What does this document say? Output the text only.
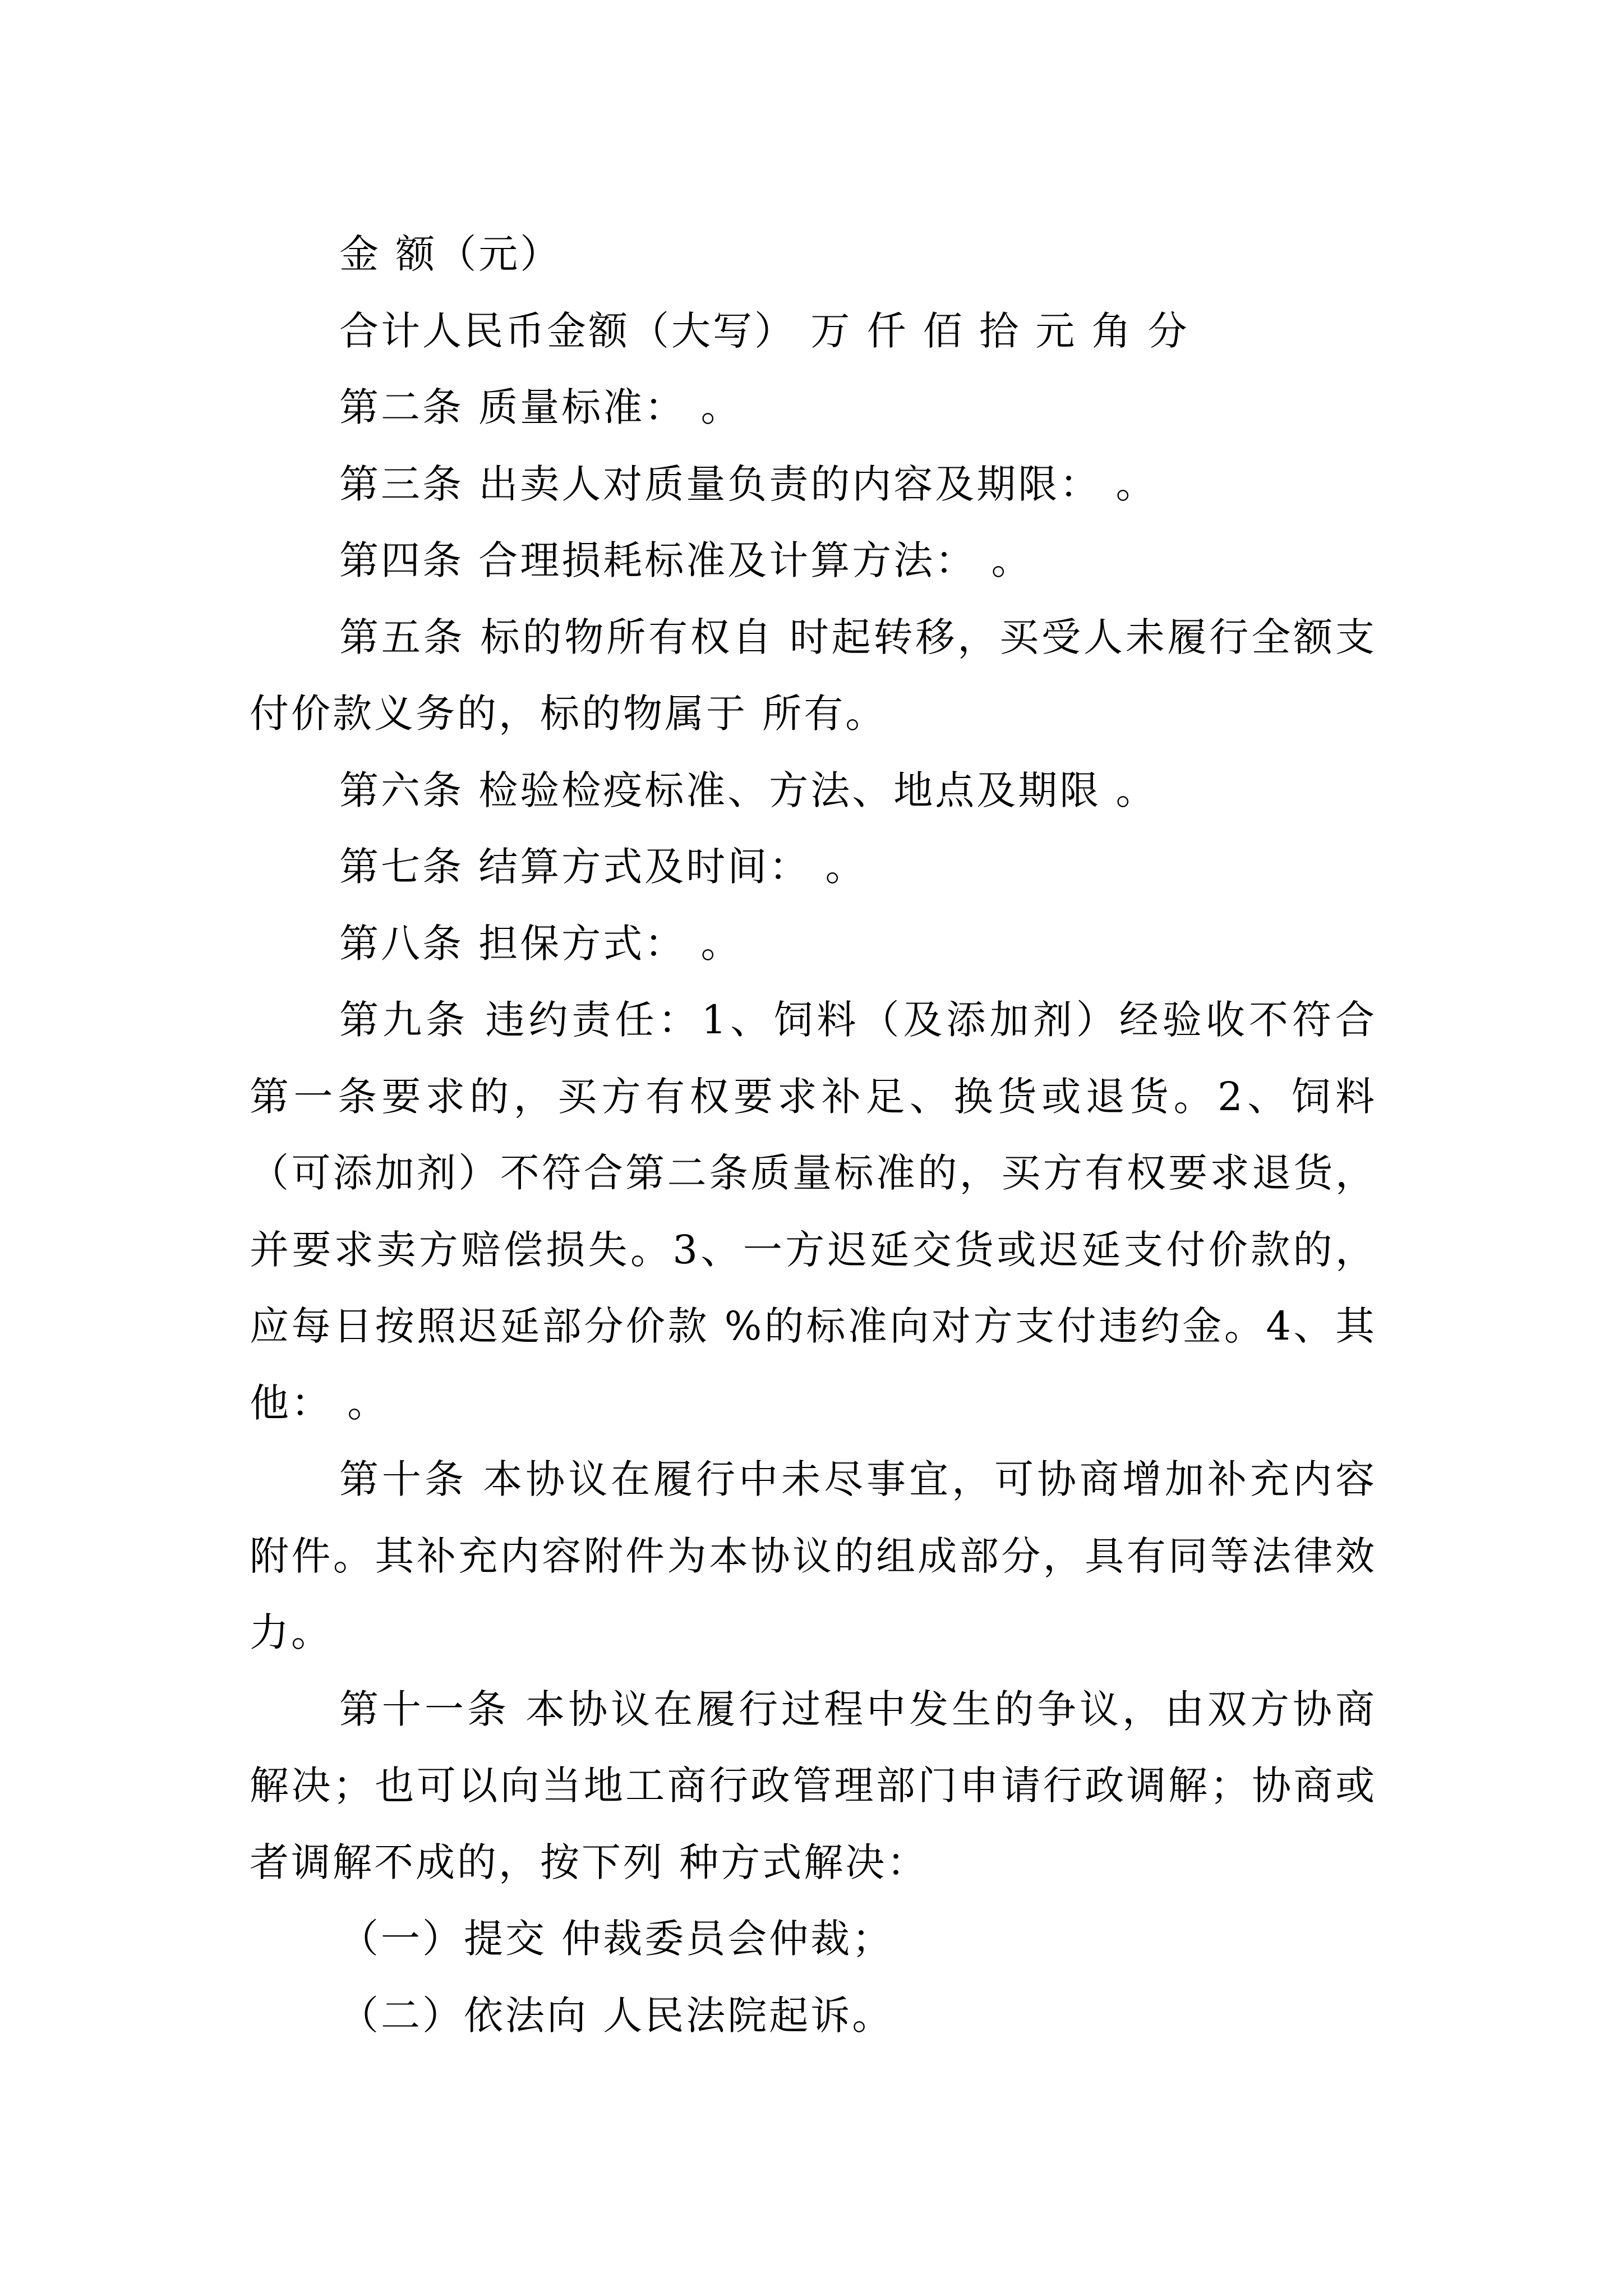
金 额（元）

合计人民币金额（大写） 万 仟 佰 拾 元 角 分

第二条 质量标准： 。

第三条 出卖人对质量负责的内容及期限： 。

第四条 合理损耗标准及计算方法： 。

第五条 标的物所有权自 时起转移，买受人未履行全额支付价款义务的，标的物属于 所有。

第六条 检验检疫标准、方法、地点及期限 。

第七条 结算方式及时间： 。

第八条 担保方式： 。

第九条 违约责任：1、饲料（及添加剂）经验收不符合第一条要求的，买方有权要求补足、换货或退货。2、饲料（可添加剂）不符合第二条质量标准的，买方有权要求退货，并要求卖方赔偿损失。3、一方迟延交货或迟延支付价款的，应每日按照迟延部分价款 %的标准向对方支付违约金。4、其他： 。

第十条 本协议在履行中未尽事宜，可协商增加补充内容附件。其补充内容附件为本协议的组成部分，具有同等法律效力。

第十一条 本协议在履行过程中发生的争议，由双方协商解决；也可以向当地工商行政管理部门申请行政调解；协商或者调解不成的，按下列 种方式解决：

（一）提交 仲裁委员会仲裁；

（二）依法向 人民法院起诉。
